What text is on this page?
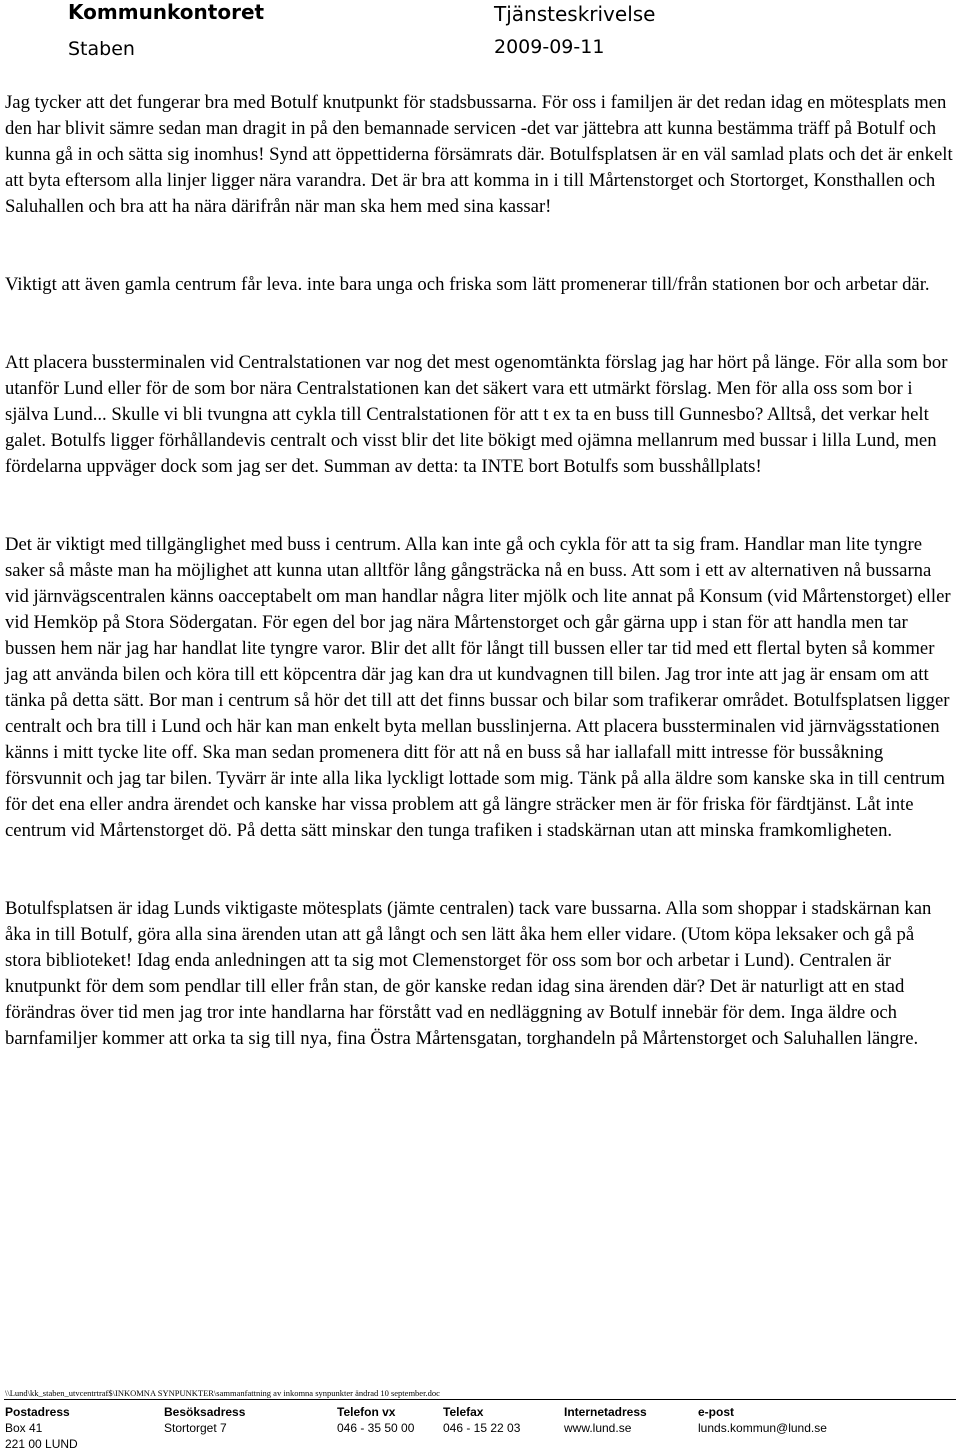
Kommunkontoret
Staben
Tjänsteskrivelse
2009-09-11

Jag tycker att det fungerar bra med Botulf knutpunkt för stadsbussarna. För oss i familjen är det redan idag en mötesplats men den har blivit sämre sedan man dragit in på den bemannade servicen -det var jättebra att kunna bestämma träff på Botulf och kunna gå in och sätta sig inomhus! Synd att öppettiderna försämrats där. Botulfsplatsen är en väl samlad plats och det är enkelt att byta eftersom alla linjer ligger nära varandra. Det är bra att komma in i till Mårtenstorget och Stortorget, Konsthallen och Saluhallen och bra att ha nära därifrån när man ska hem med sina kassar!

Viktigt att även gamla centrum får leva. inte bara unga och friska som lätt promenerar till/från stationen bor och arbetar där.

Att placera bussterminalen vid Centralstationen var nog det mest ogenomtänkta förslag jag har hört på länge. För alla som bor utanför Lund eller för de som bor nära Centralstationen kan det säkert vara ett utmärkt förslag. Men för alla oss som bor i själva Lund... Skulle vi bli tvungna att cykla till Centralstationen för att t ex ta en buss till Gunnesbo? Alltså, det verkar helt galet. Botulfs ligger förhållandevis centralt och visst blir det lite bökigt med ojämna mellanrum med bussar i lilla Lund, men fördelarna uppväger dock som jag ser det. Summan av detta: ta INTE bort Botulfs som busshållplats!

Det är viktigt med tillgänglighet med buss i centrum. Alla kan inte gå och cykla för att ta sig fram. Handlar man lite tyngre saker så måste man ha möjlighet att kunna utan alltför lång gångsträcka nå en buss. Att som i ett av alternativen nå bussarna vid järnvägscentralen känns oacceptabelt om man handlar några liter mjölk och lite annat på Konsum (vid Mårtenstorget) eller vid Hemköp på Stora Södergatan. För egen del bor jag nära Mårtenstorget och går gärna upp i stan för att handla men tar bussen hem när jag har handlat lite tyngre varor. Blir det allt för långt till bussen eller tar tid med ett flertal byten så kommer jag att använda bilen och köra till ett köpcentra där jag kan dra ut kundvagnen till bilen. Jag tror inte att jag är ensam om att tänka på detta sätt. Bor man i centrum så hör det till att det finns bussar och bilar som trafikerar området. Botulfsplatsen ligger centralt och bra till i Lund och här kan man enkelt byta mellan busslinjerna. Att placera bussterminalen vid järnvägsstationen känns i mitt tycke lite off. Ska man sedan promenera ditt för att nå en buss så har iallafall mitt intresse för bussåkning försvunnit och jag tar bilen. Tyvärr är inte alla lika lyckligt lottade som mig. Tänk på alla äldre som kanske ska in till centrum för det ena eller andra ärendet och kanske har vissa problem att gå längre sträcker men är för friska för färdtjänst. Låt inte centrum vid Mårtenstorget dö. På detta sätt minskar den tunga trafiken i stadskärnan utan att minska framkomligheten.

Botulfsplatsen är idag Lunds viktigaste mötesplats (jämte centralen) tack vare bussarna. Alla som shoppar i stadskärnan kan åka in till Botulf, göra alla sina ärenden utan att gå långt och sen lätt åka hem eller vidare. (Utom köpa leksaker och gå på stora biblioteket! Idag enda anledningen att ta sig mot Clemenstorget för oss som bor och arbetar i Lund). Centralen är knutpunkt för dem som pendlar till eller från stan, de gör kanske redan idag sina ärenden där? Det är naturligt att en stad förändras över tid men jag tror inte handlarna har förstått vad en nedläggning av Botulf innebär för dem. Inga äldre och barnfamiljer kommer att orka ta sig till nya, fina Östra Mårtensgatan, torghandeln på Mårtenstorget och Saluhallen längre.

\\Lund\kk_staben_utvcentrtraf$\INKOMNA SYNPUNKTER\sammanfattning av inkomna synpunkter ändrad 10 september.doc
Postadress	Besöksadress	Telefon vx	Telefax	Internetadress	e-post
Box 41	Stortorget 7	046 - 35 50 00	046 - 15 22 03	www.lund.se	lunds.kommun@lund.se
221 00 LUND
